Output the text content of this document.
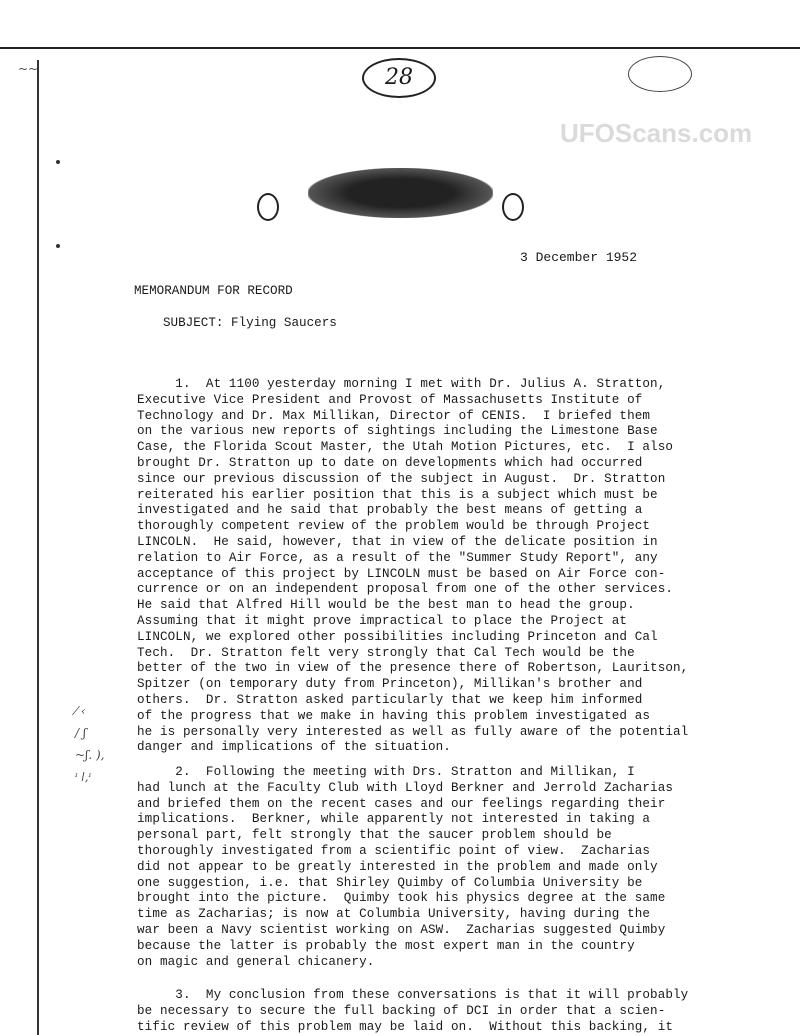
28
~~
3 December 1952
MEMORANDUM FOR RECORD
SUBJECT: Flying Saucers
1.  At 1100 yesterday morning I met with Dr. Julius A. Stratton,
Executive Vice President and Provost of Massachusetts Institute of
Technology and Dr. Max Millikan, Director of CENIS.  I briefed them
on the various new reports of sightings including the Limestone Base
Case, the Florida Scout Master, the Utah Motion Pictures, etc.  I also
brought Dr. Stratton up to date on developments which had occurred
since our previous discussion of the subject in August.  Dr. Stratton
reiterated his earlier position that this is a subject which must be
investigated and he said that probably the best means of getting a
thoroughly competent review of the problem would be through Project
LINCOLN.  He said, however, that in view of the delicate position in
relation to Air Force, as a result of the "Summer Study Report", any
acceptance of this project by LINCOLN must be based on Air Force con-
currence or on an independent proposal from one of the other services.
He said that Alfred Hill would be the best man to head the group.
Assuming that it might prove impractical to place the Project at
LINCOLN, we explored other possibilities including Princeton and Cal
Tech.  Dr. Stratton felt very strongly that Cal Tech would be the
better of the two in view of the presence there of Robertson, Lauritson,
Spitzer (on temporary duty from Princeton), Millikan's brother and
others.  Dr. Stratton asked particularly that we keep him informed
of the progress that we make in having this problem investigated as
he is personally very interested as well as fully aware of the potential
danger and implications of the situation.
2.  Following the meeting with Drs. Stratton and Millikan, I
had lunch at the Faculty Club with Lloyd Berkner and Jerrold Zacharias
and briefed them on the recent cases and our feelings regarding their
implications.  Berkner, while apparently not interested in taking a
personal part, felt strongly that the saucer problem should be
thoroughly investigated from a scientific point of view.  Zacharias
did not appear to be greatly interested in the problem and made only
one suggestion, i.e. that Shirley Quimby of Columbia University be
brought into the picture.  Quimby took his physics degree at the same
time as Zacharias; is now at Columbia University, having during the
war been a Navy scientist working on ASW.  Zacharias suggested Quimby
because the latter is probably the most expert man in the country
on magic and general chicanery.
3.  My conclusion from these conversations is that it will probably
be necessary to secure the full backing of DCI in order that a scien-
tific review of this problem may be laid on.  Without this backing, it
UFOScans.com
⁄ ‹
/ ʃ
~ʃ. ),
ᶦ ǀ,ᶦ
